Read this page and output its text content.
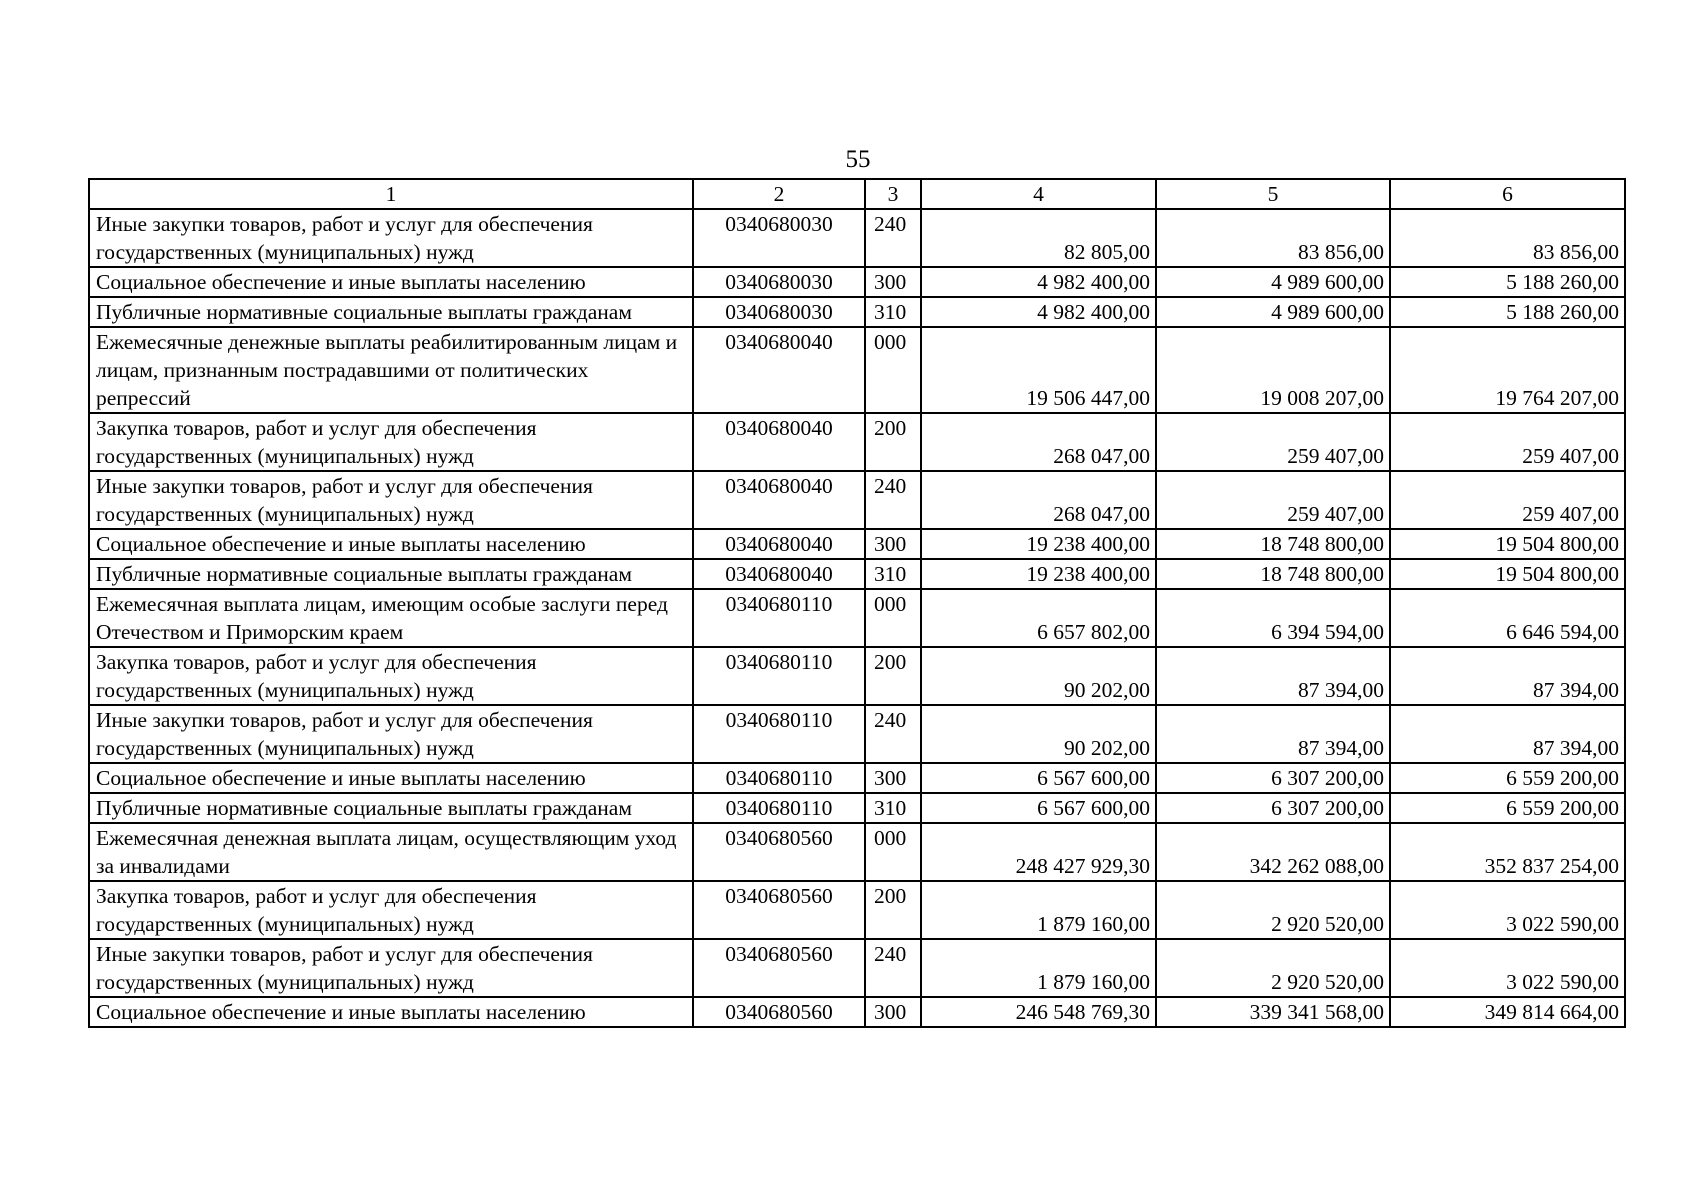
55
1	2	3	4	5	6
Иные закупки товаров, работ и услуг для обеспечения государственных (муниципальных) нужд	0340680030	240	82 805,00	83 856,00	83 856,00
Социальное обеспечение и иные выплаты населению	0340680030	300	4 982 400,00	4 989 600,00	5 188 260,00
Публичные нормативные социальные выплаты гражданам	0340680030	310	4 982 400,00	4 989 600,00	5 188 260,00
Ежемесячные денежные выплаты реабилитированным лицам и лицам, признанным пострадавшими от политических репрессий	0340680040	000	19 506 447,00	19 008 207,00	19 764 207,00
Закупка товаров, работ и услуг для обеспечения государственных (муниципальных) нужд	0340680040	200	268 047,00	259 407,00	259 407,00
Иные закупки товаров, работ и услуг для обеспечения государственных (муниципальных) нужд	0340680040	240	268 047,00	259 407,00	259 407,00
Социальное обеспечение и иные выплаты населению	0340680040	300	19 238 400,00	18 748 800,00	19 504 800,00
Публичные нормативные социальные выплаты гражданам	0340680040	310	19 238 400,00	18 748 800,00	19 504 800,00
Ежемесячная выплата лицам, имеющим особые заслуги перед Отечеством и Приморским краем	0340680110	000	6 657 802,00	6 394 594,00	6 646 594,00
Закупка товаров, работ и услуг для обеспечения государственных (муниципальных) нужд	0340680110	200	90 202,00	87 394,00	87 394,00
Иные закупки товаров, работ и услуг для обеспечения государственных (муниципальных) нужд	0340680110	240	90 202,00	87 394,00	87 394,00
Социальное обеспечение и иные выплаты населению	0340680110	300	6 567 600,00	6 307 200,00	6 559 200,00
Публичные нормативные социальные выплаты гражданам	0340680110	310	6 567 600,00	6 307 200,00	6 559 200,00
Ежемесячная денежная выплата лицам, осуществляющим уход за инвалидами	0340680560	000	248 427 929,30	342 262 088,00	352 837 254,00
Закупка товаров, работ и услуг для обеспечения государственных (муниципальных) нужд	0340680560	200	1 879 160,00	2 920 520,00	3 022 590,00
Иные закупки товаров, работ и услуг для обеспечения государственных (муниципальных) нужд	0340680560	240	1 879 160,00	2 920 520,00	3 022 590,00
Социальное обеспечение и иные выплаты населению	0340680560	300	246 548 769,30	339 341 568,00	349 814 664,00
